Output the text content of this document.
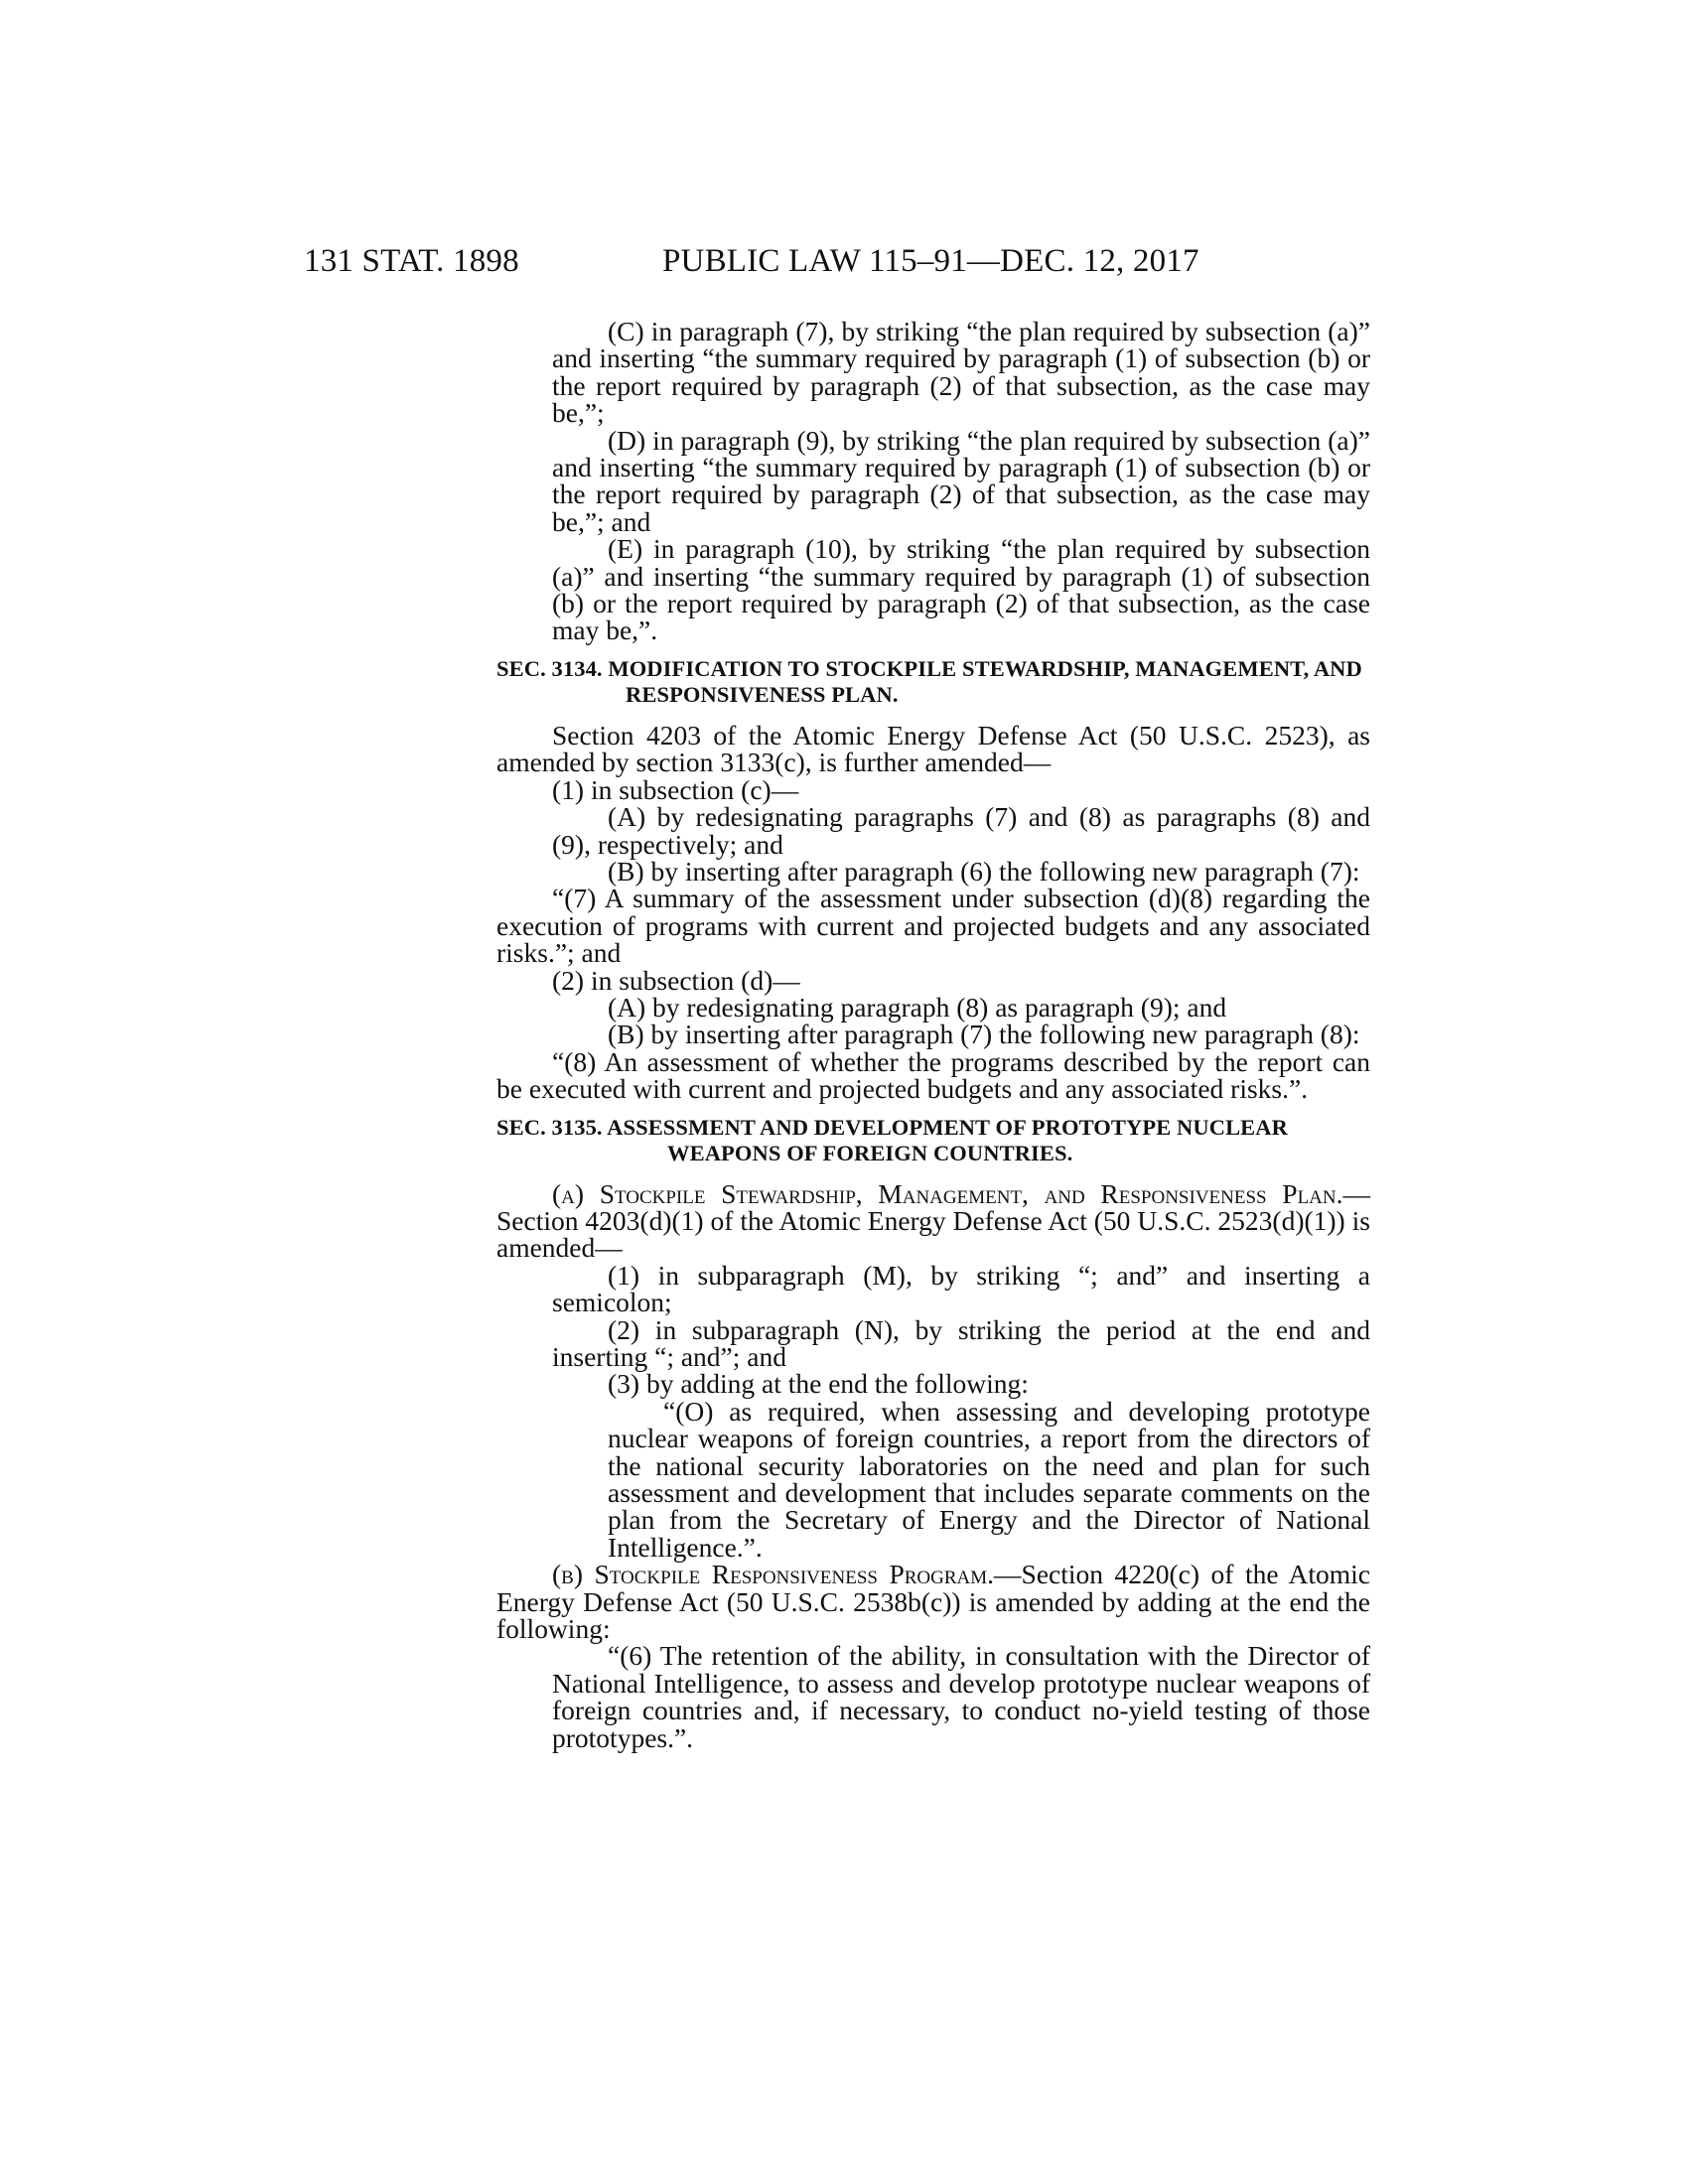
131 STAT. 1898	PUBLIC LAW 115–91—DEC. 12, 2017

(C) in paragraph (7), by striking “the plan required by subsection (a)” and inserting “the summary required by paragraph (1) of subsection (b) or the report required by paragraph (2) of that subsection, as the case may be,”;

(D) in paragraph (9), by striking “the plan required by subsection (a)” and inserting “the summary required by paragraph (1) of subsection (b) or the report required by paragraph (2) of that subsection, as the case may be,”; and

(E) in paragraph (10), by striking “the plan required by subsection (a)” and inserting “the summary required by paragraph (1) of subsection (b) or the report required by paragraph (2) of that subsection, as the case may be,”.

SEC. 3134. MODIFICATION TO STOCKPILE STEWARDSHIP, MANAGEMENT, AND RESPONSIVENESS PLAN.

Section 4203 of the Atomic Energy Defense Act (50 U.S.C. 2523), as amended by section 3133(c), is further amended—

(1) in subsection (c)—

(A) by redesignating paragraphs (7) and (8) as paragraphs (8) and (9), respectively; and

(B) by inserting after paragraph (6) the following new paragraph (7):

“(7) A summary of the assessment under subsection (d)(8) regarding the execution of programs with current and projected budgets and any associated risks.”; and

(2) in subsection (d)—

(A) by redesignating paragraph (8) as paragraph (9); and

(B) by inserting after paragraph (7) the following new paragraph (8):

“(8) An assessment of whether the programs described by the report can be executed with current and projected budgets and any associated risks.”.

SEC. 3135. ASSESSMENT AND DEVELOPMENT OF PROTOTYPE NUCLEAR WEAPONS OF FOREIGN COUNTRIES.

(a) Stockpile Stewardship, Management, and Responsiveness Plan.—Section 4203(d)(1) of the Atomic Energy Defense Act (50 U.S.C. 2523(d)(1)) is amended—

(1) in subparagraph (M), by striking “; and” and inserting a semicolon;

(2) in subparagraph (N), by striking the period at the end and inserting “; and”; and

(3) by adding at the end the following:

“(O) as required, when assessing and developing prototype nuclear weapons of foreign countries, a report from the directors of the national security laboratories on the need and plan for such assessment and development that includes separate comments on the plan from the Secretary of Energy and the Director of National Intelligence.”.

(b) Stockpile Responsiveness Program.—Section 4220(c) of the Atomic Energy Defense Act (50 U.S.C. 2538b(c)) is amended by adding at the end the following:

“(6) The retention of the ability, in consultation with the Director of National Intelligence, to assess and develop prototype nuclear weapons of foreign countries and, if necessary, to conduct no-yield testing of those prototypes.”.
